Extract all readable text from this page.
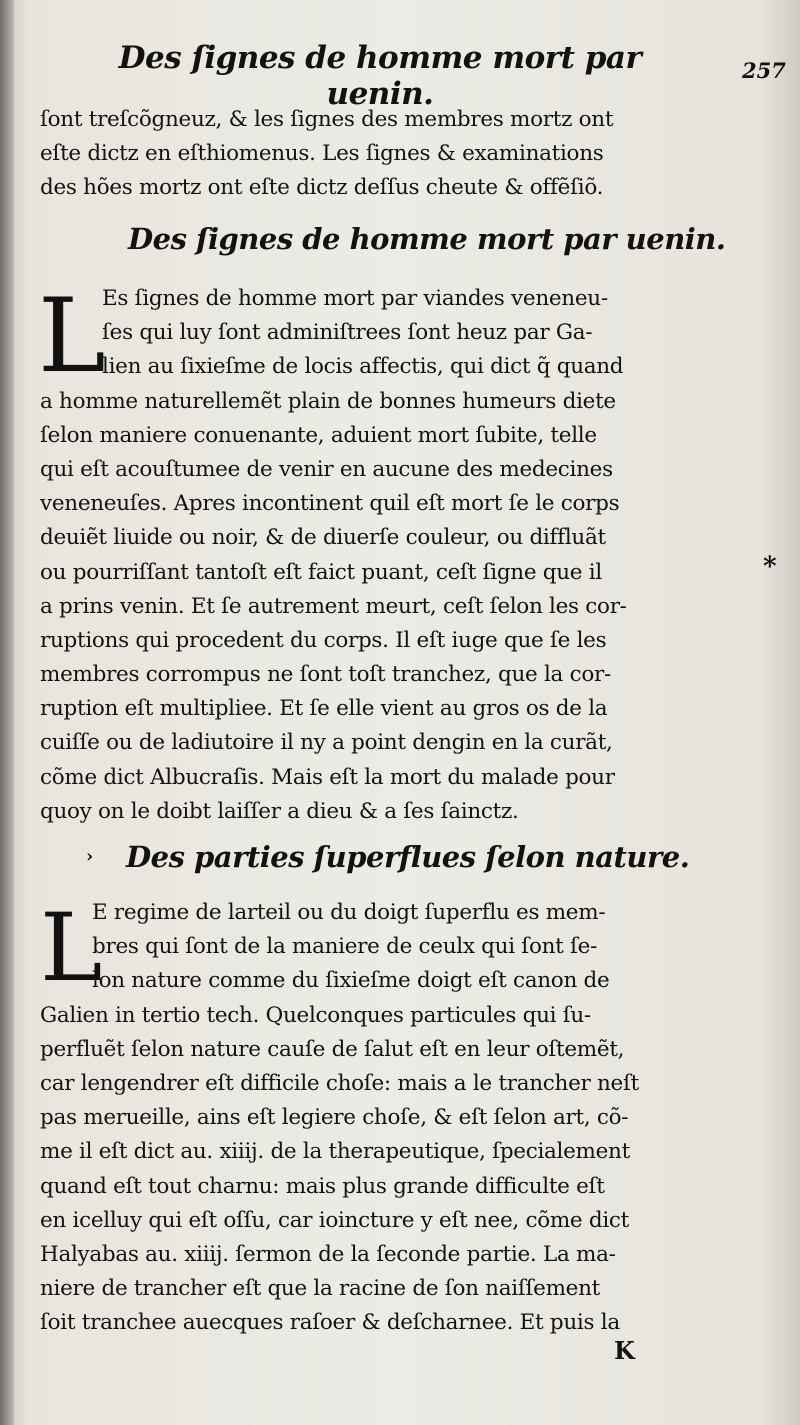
Des ſignes de homme mort par uenin.
257
ſont treſcõgneuz, & les ſignes des membres mortz ont
eſte dictz en eſthiomenus. Les ſignes & examinations
des hões mortz ont eſte dictz deſſus cheute & offẽſiõ.
Des ſignes de homme mort par uenin.
L
Es ſignes de homme mort par viandes veneneu-
ſes qui luy ſont adminiſtrees ſont heuz par Ga-
lien au ſixieſme de locis affectis, qui dict q̃ quand
a homme naturellemẽt plain de bonnes humeurs diete
ſelon maniere conuenante, aduient mort ſubite, telle
qui eſt acouſtumee de venir en aucune des medecines
veneneuſes. Apres incontinent quil eſt mort ſe le corps
deuiẽt liuide ou noir, & de diuerſe couleur, ou diffluãt
ou pourriſſant tantoſt eſt faict puant, ceſt ſigne que il
a prins venin. Et ſe autrement meurt, ceſt ſelon les cor-
ruptions qui procedent du corps. Il eſt iuge que ſe les
membres corrompus ne ſont toſt tranchez, que la cor-
ruption eſt multipliee. Et ſe elle vient au gros os de la
cuiſſe ou de ladiutoire il ny a point dengin en la curãt,
cõme dict Albucraſis. Mais eſt la mort du malade pour
quoy on le doibt laiſſer a dieu & a ſes ſainctz.
*
› Des parties ſuperflues ſelon nature.
L
E regime de larteil ou du doigt ſuperflu es mem-
bres qui ſont de la maniere de ceulx qui ſont ſe-
lon nature comme du ſixieſme doigt eſt canon de
Galien in tertio tech. Quelconques particules qui ſu-
perfluẽt ſelon nature cauſe de ſalut eſt en leur oſtemẽt,
car lengendrer eſt difficile choſe: mais a le trancher neſt
pas merueille, ains eſt legiere choſe, & eſt ſelon art, cõ-
me il eſt dict au. xiiij. de la therapeutique, ſpecialement
quand eſt tout charnu: mais plus grande difficulte eſt
en icelluy qui eſt oſſu, car ioincture y eſt nee, cõme dict
Halyabas au. xiiij. ſermon de la ſeconde partie. La ma-
niere de trancher eſt que la racine de ſon naiſſement
ſoit tranchee auecques raſoer & deſcharnee. Et puis la
K
